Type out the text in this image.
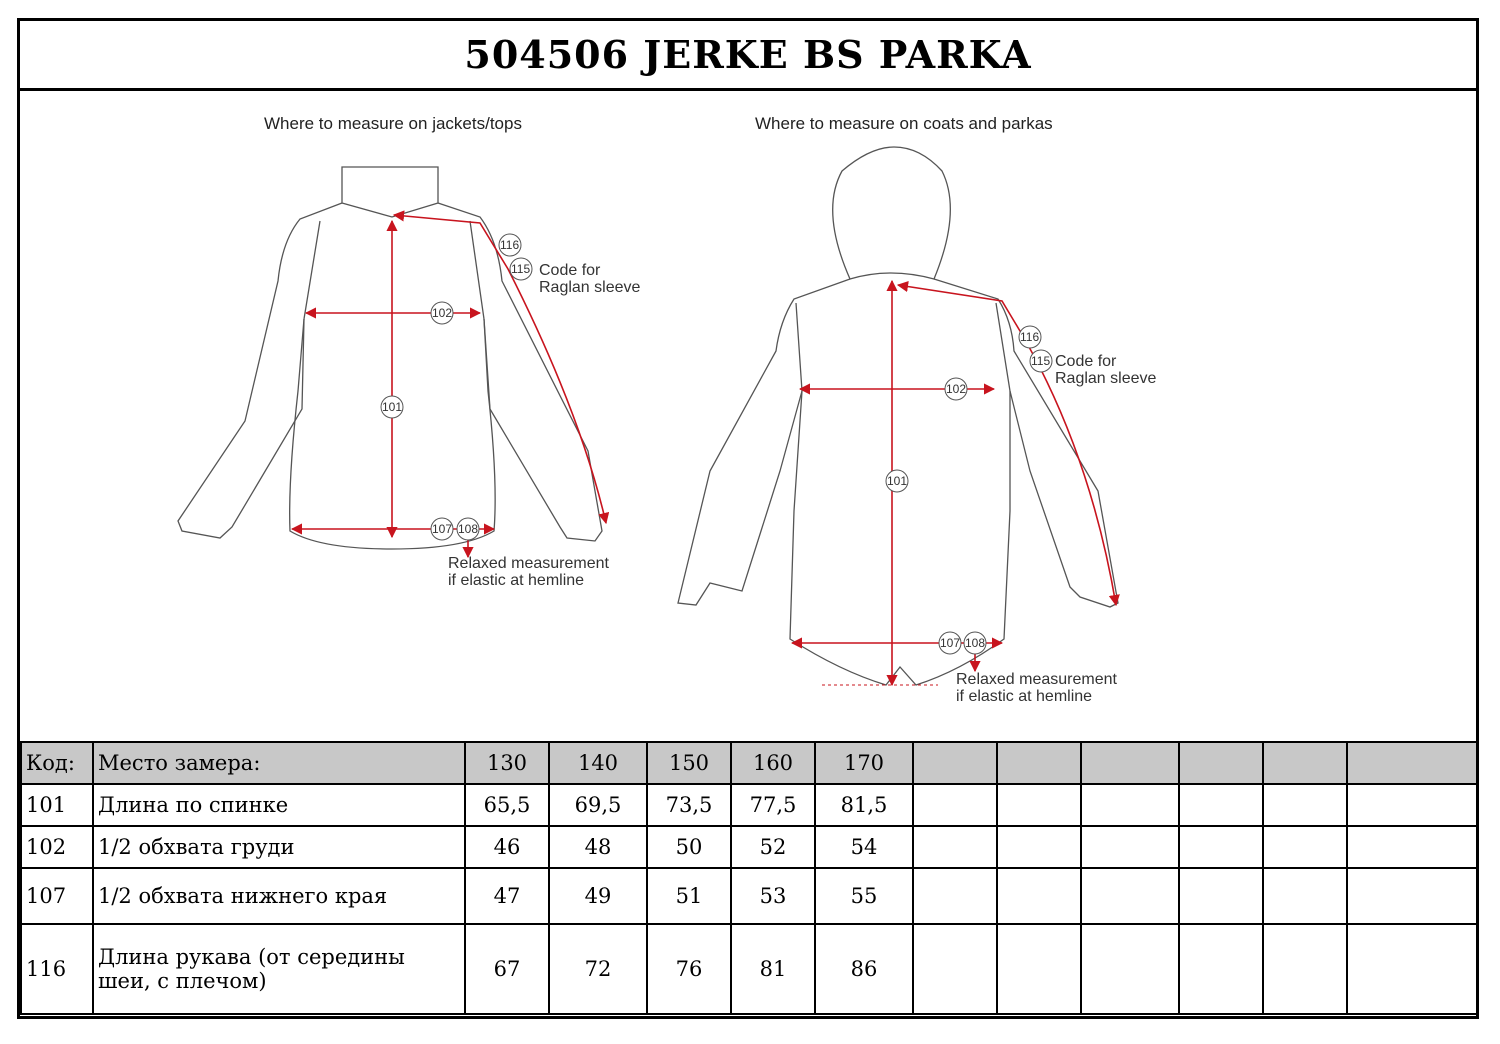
504506 JERKE BS PARKA
Where to measure on jackets/tops
101
102
116
115
107 108
Code for
Raglan sleeve
Relaxed measurement
if elastic at hemline
Where to measure on coats and parkas
101
102
116
115
107 108
Code for
Raglan sleeve
Relaxed measurement
if elastic at hemline
Код:	Место замера:	130	140	150	160	170						
101	Длина по спинке	65,5	69,5	73,5	77,5	81,5						
102	1/2 обхвата груди	46	48	50	52	54						
107	1/2 обхвата нижнего края	47	49	51	53	55						
116	Длина рукава (от середины шеи, с плечом)	67	72	76	81	86						
